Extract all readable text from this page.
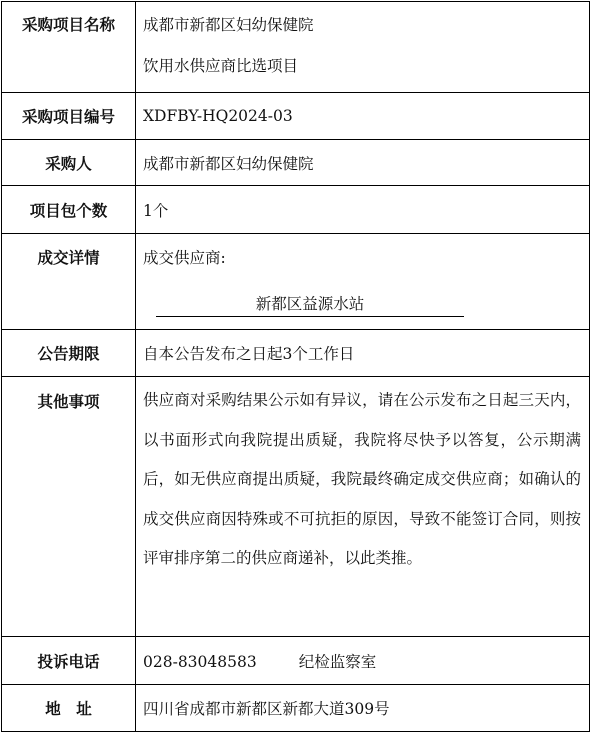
采购项目名称	成都市新都区妇幼保健院
饮用水供应商比选项目

采购项目编号	XDFBY-HQ2024-03
采购人	成都市新都区妇幼保健院
项目包个数	1个

成交详情	成交供应商:
新都区益源水站

公告期限	自本公告发布之日起3个工作日

其他事项	供应商对采购结果公示如有异议，请在公示发布之日起三天内，以书面形式向我院提出质疑，我院将尽快予以答复，公示期满后，如无供应商提出质疑，我院最终确定成交供应商；如确认的成交供应商因特殊或不可抗拒的原因，导致不能签订合同，则按评审排序第二的供应商递补，以此类推。

投诉电话	028-83048583 纪检监察室
地　址	四川省成都市新都区新都大道309号
